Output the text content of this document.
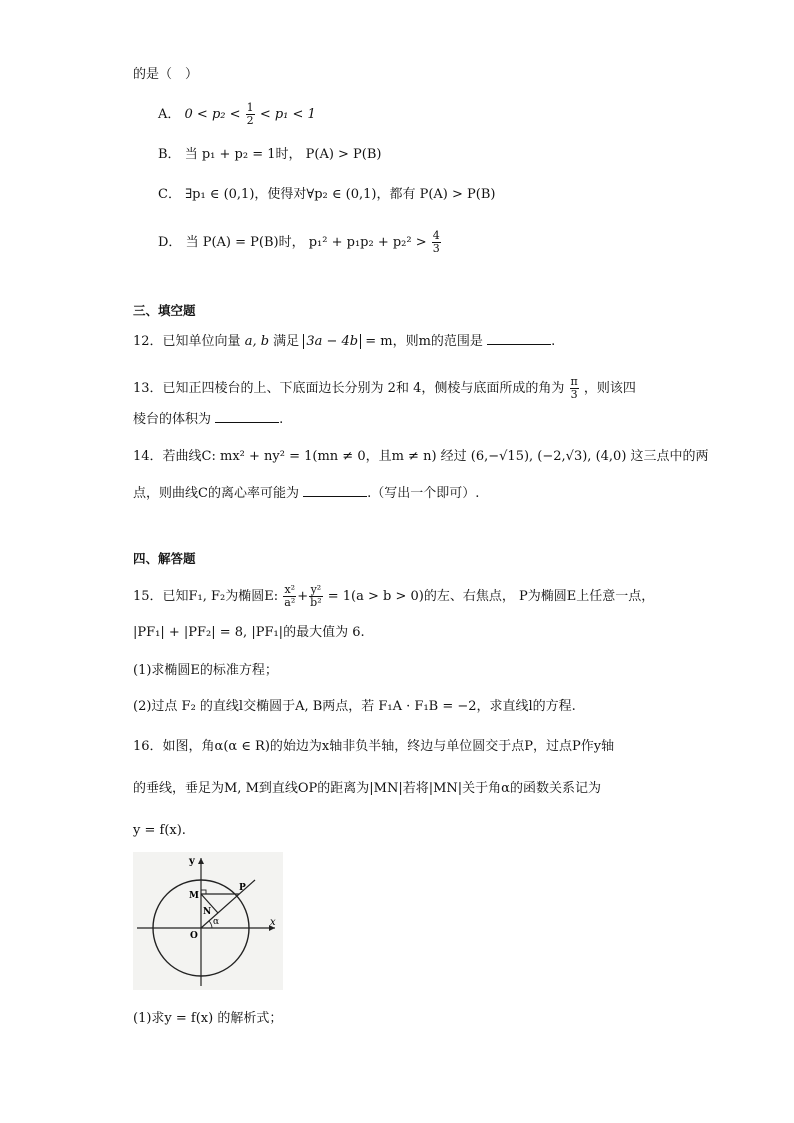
的是（　）
A． $0 < p_2 < \frac{1}{2} < p_1 < 1$
B． 当 p₁ + p₂ = 1时， P(A) > P(B)
C． ∃p₁ ∈ (0,1)，使得对∀p₂ ∈ (0,1)，都有 P(A) > P(B)
D． 当 P(A) = P(B)时， $p_1^2 + p_1p_2 + p_2^2 > \frac{4}{3}$
三、填空题
12．已知单位向量 a, b 满足 3a − 4b = m，则m的范围是	.
13．已知正四棱台的上、下底面边长分别为 2和 4，侧棱与底面所成的角为 $\frac{\pi}{3}$ ，则该四
棱台的体积为	.
14．若曲线C: mx² + ny² = 1(mn ≠ 0，且m ≠ n) 经过 (6,−√15), (−2,√3), (4,0) 这三点中的两
点，则曲线C的离心率可能为	.（写出一个即可）.
四、解答题
15．已知F₁, F₂为椭圆E: $\frac{\text{x²}}{\text{a²}} + \frac{\text{y²}}{\text{b²}} = 1(a > b > 0)$的左、右焦点， P为椭圆E上任意一点，
|PF₁| + |PF₂| = 8, |PF₁|的最大值为 6.
(1)求椭圆E的标准方程；
(2)过点 F₂ 的直线l交椭圆于A, B两点，若 F₁A · F₁B = −2，求直线l的方程.
16．如图，角α(α ∈ R)的始边为x轴非负半轴，终边与单位圆交于点P，过点P作y轴
的垂线，垂足为M, M到直线OP的距离为|MN|若将|MN|关于角α的函数关系记为
y = f(x).
y
x
M
P
N
O
α
(1)求y = f(x) 的解析式；
